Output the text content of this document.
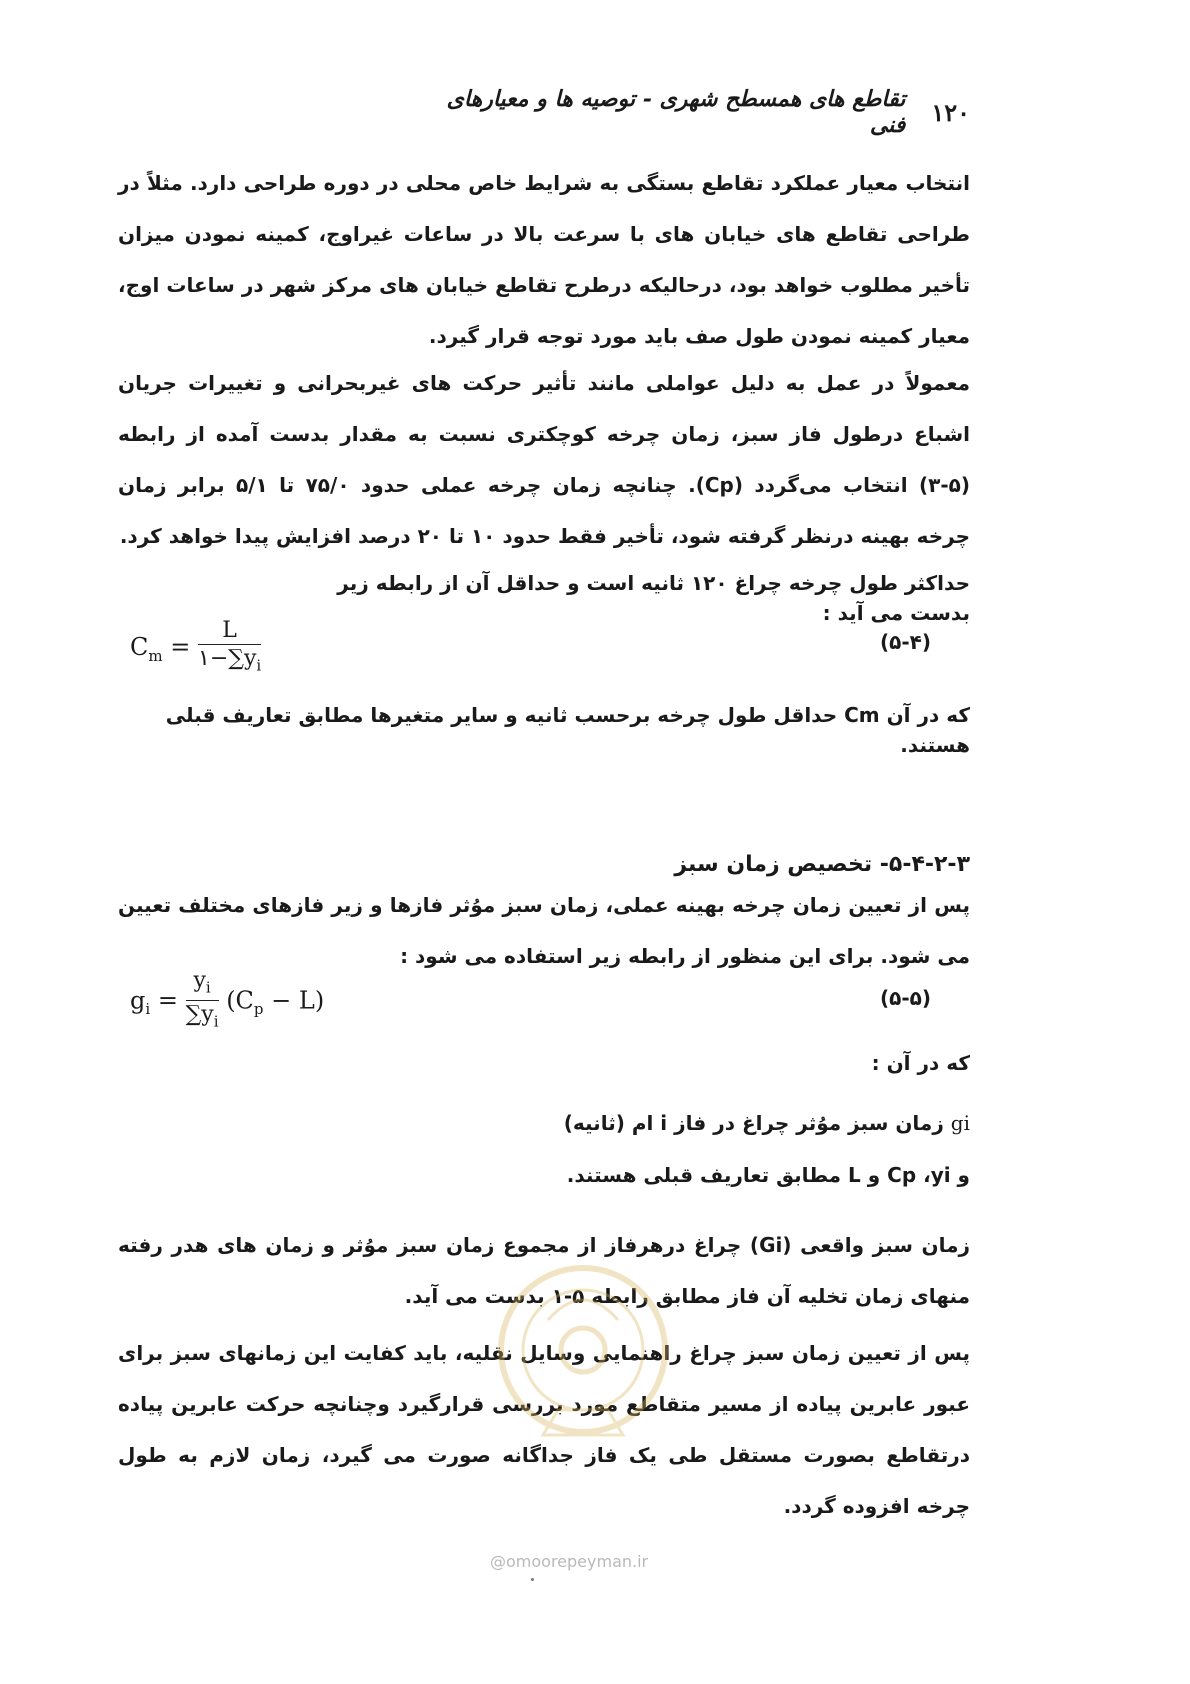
۱۲۰
تقاطع های همسطح شهری - توصیه ها و معیارهای فنی

انتخاب معیار عملکرد تقاطع بستگی به شرایط خاص محلی در دوره طراحی دارد. مثلاً در طراحی تقاطع های خیابان های با سرعت بالا در ساعات غیراوج، کمینه نمودن میزان تأخیر مطلوب خواهد بود، درحالیکه درطرح تقاطع خیابان های مرکز شهر در ساعات اوج، معیار کمینه نمودن طول صف باید مورد توجه قرار گیرد.

معمولاً در عمل به دلیل عواملی مانند تأثیر حرکت های غیربحرانی و تغییرات جریان اشباع درطول فاز سبز، زمان چرخه کوچکتری نسبت به مقدار بدست آمده از رابطه (۵-۳) انتخاب می‌گردد (Cp). چنانچه زمان چرخه عملی حدود ۷۵/۰ تا ۵/۱ برابر زمان چرخه بهینه درنظر گرفته شود، تأخیر فقط حدود ۱۰ تا ۲۰ درصد افزایش پیدا خواهد کرد.

حداکثر طول چرخه چراغ ۱۲۰ ثانیه است و حداقل آن از رابطه زیر بدست می آید :
$C_m = \frac{L}{۱-\sum y_i}$	(۵-۴)
که در آن Cm حداقل طول چرخه برحسب ثانیه و سایر متغیرها مطابق تعاریف قبلی هستند.
۵-۴-۲-۳- تخصیص زمان سبز

پس از تعیین زمان چرخه بهینه عملی، زمان سبز موُثر فازها و زیر فازهای مختلف تعیین می شود. برای این منظور از رابطه زیر استفاده می شود :

$g_i = \frac{y_i}{\sum y_i} (C_p - L)$	(۵-۵)
که در آن :
gi زمان سبز موُثر چراغ در فاز i ام (ثانیه)
و Cp ،yi و L مطابق تعاریف قبلی هستند.

زمان سبز واقعی (Gi) چراغ درهرفاز از مجموع زمان سبز موُثر و زمان های هدر رفته منهای زمان تخلیه آن فاز مطابق رابطه ۵-۱ بدست می آید.

پس از تعیین زمان سبز چراغ راهنمایی وسایل نقلیه، باید کفایت این زمانهای سبز برای عبور عابرین پیاده از مسیر متقاطع مورد بررسی قرارگیرد وچنانچه حرکت عابرین پیاده درتقاطع بصورت مستقل طی یک فاز جداگانه صورت می گیرد، زمان لازم به طول چرخه افزوده گردد.

@omoorepeyman.ir
